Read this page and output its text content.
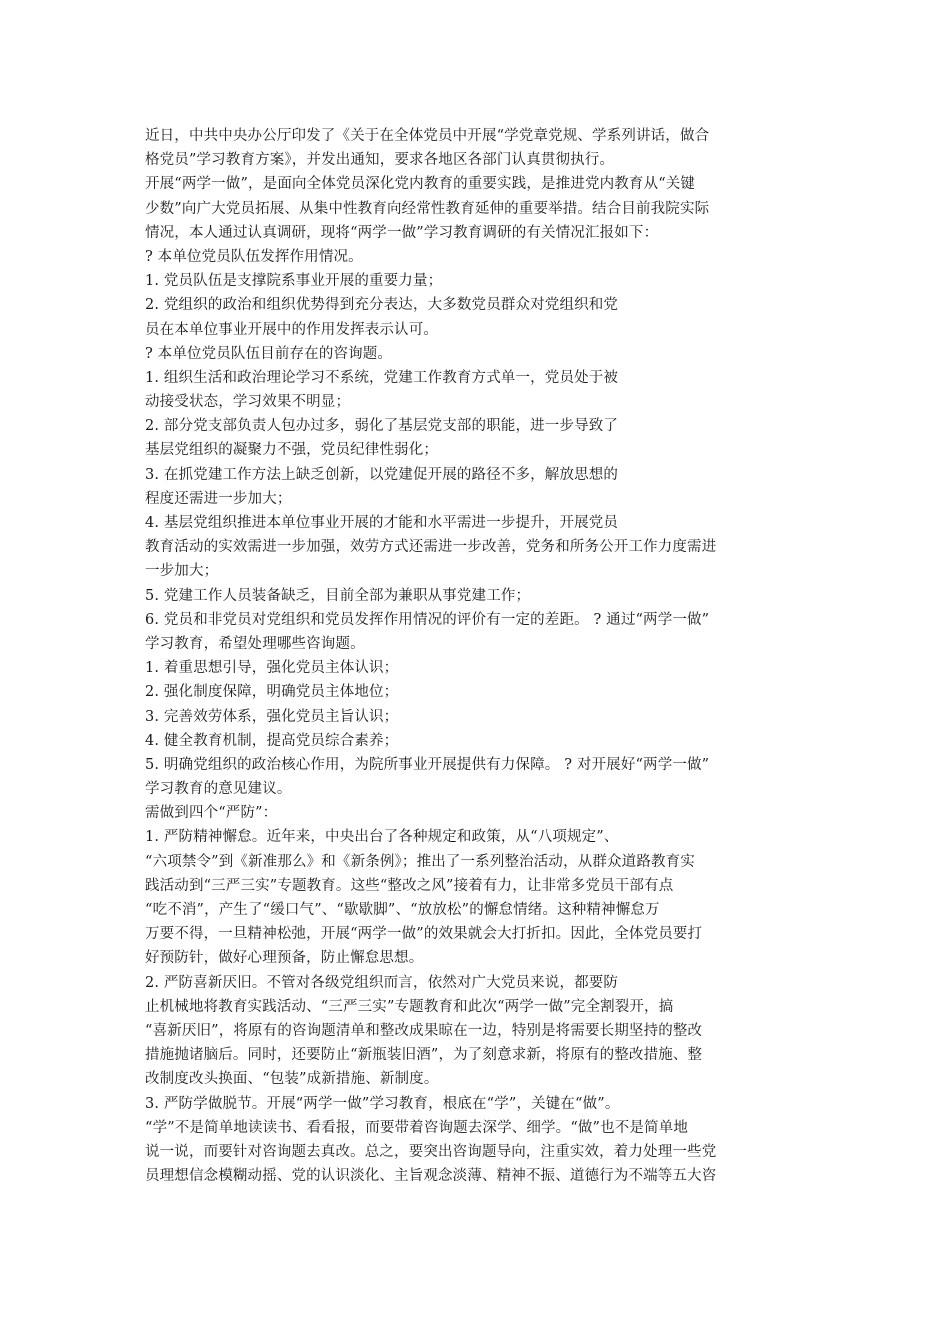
近日，中共中央办公厅印发了《关于在全体党员中开展“学党章党规、学系列讲话，做合
格党员”学习教育方案》，并发出通知，要求各地区各部门认真贯彻执行。
开展“两学一做”，是面向全体党员深化党内教育的重要实践，是推进党内教育从“关键
少数”向广大党员拓展、从集中性教育向经常性教育延伸的重要举措。结合目前我院实际
情况，本人通过认真调研，现将“两学一做”学习教育调研的有关情况汇报如下：
? 本单位党员队伍发挥作用情况。
1. 党员队伍是支撑院系事业开展的重要力量；
2. 党组织的政治和组织优势得到充分表达，大多数党员群众对党组织和党
员在本单位事业开展中的作用发挥表示认可。
? 本单位党员队伍目前存在的咨询题。
1. 组织生活和政治理论学习不系统，党建工作教育方式单一，党员处于被
动接受状态，学习效果不明显；
2. 部分党支部负责人包办过多，弱化了基层党支部的职能，进一步导致了
基层党组织的凝聚力不强，党员纪律性弱化；
3. 在抓党建工作方法上缺乏创新，以党建促开展的路径不多，解放思想的
程度还需进一步加大；
4. 基层党组织推进本单位事业开展的才能和水平需进一步提升，开展党员
教育活动的实效需进一步加强，效劳方式还需进一步改善，党务和所务公开工作力度需进
一步加大；
5. 党建工作人员装备缺乏，目前全部为兼职从事党建工作；
6. 党员和非党员对党组织和党员发挥作用情况的评价有一定的差距。 ? 通过“两学一做”
学习教育，希望处理哪些咨询题。
1. 着重思想引导，强化党员主体认识；
2. 强化制度保障，明确党员主体地位；
3. 完善效劳体系，强化党员主旨认识；
4. 健全教育机制，提高党员综合素养；
5. 明确党组织的政治核心作用，为院所事业开展提供有力保障。 ? 对开展好“两学一做”
学习教育的意见建议。
需做到四个“严防”：
1. 严防精神懈怠。近年来，中央出台了各种规定和政策，从“八项规定”、
“六项禁令”到《新准那么》和《新条例》；推出了一系列整治活动，从群众道路教育实
践活动到“三严三实”专题教育。这些“整改之风”接着有力，让非常多党员干部有点
“吃不消”，产生了“缓口气”、“歇歇脚”、“放放松”的懈怠情绪。这种精神懈怠万
万要不得，一旦精神松弛，开展“两学一做”的效果就会大打折扣。因此，全体党员要打
好预防针，做好心理预备，防止懈怠思想。
2. 严防喜新厌旧。不管对各级党组织而言，依然对广大党员来说，都要防
止机械地将教育实践活动、“三严三实”专题教育和此次“两学一做”完全割裂开，搞
“喜新厌旧”，将原有的咨询题清单和整改成果晾在一边，特别是将需要长期坚持的整改
措施抛诸脑后。同时，还要防止“新瓶装旧酒”，为了刻意求新，将原有的整改措施、整
改制度改头换面、“包装”成新措施、新制度。
3. 严防学做脱节。开展“两学一做”学习教育，根底在“学”，关键在“做”。
“学”不是简单地读读书、看看报，而要带着咨询题去深学、细学。“做”也不是简单地
说一说，而要针对咨询题去真改。总之，要突出咨询题导向，注重实效，着力处理一些党
员理想信念模糊动摇、党的认识淡化、主旨观念淡薄、精神不振、道德行为不端等五大咨
